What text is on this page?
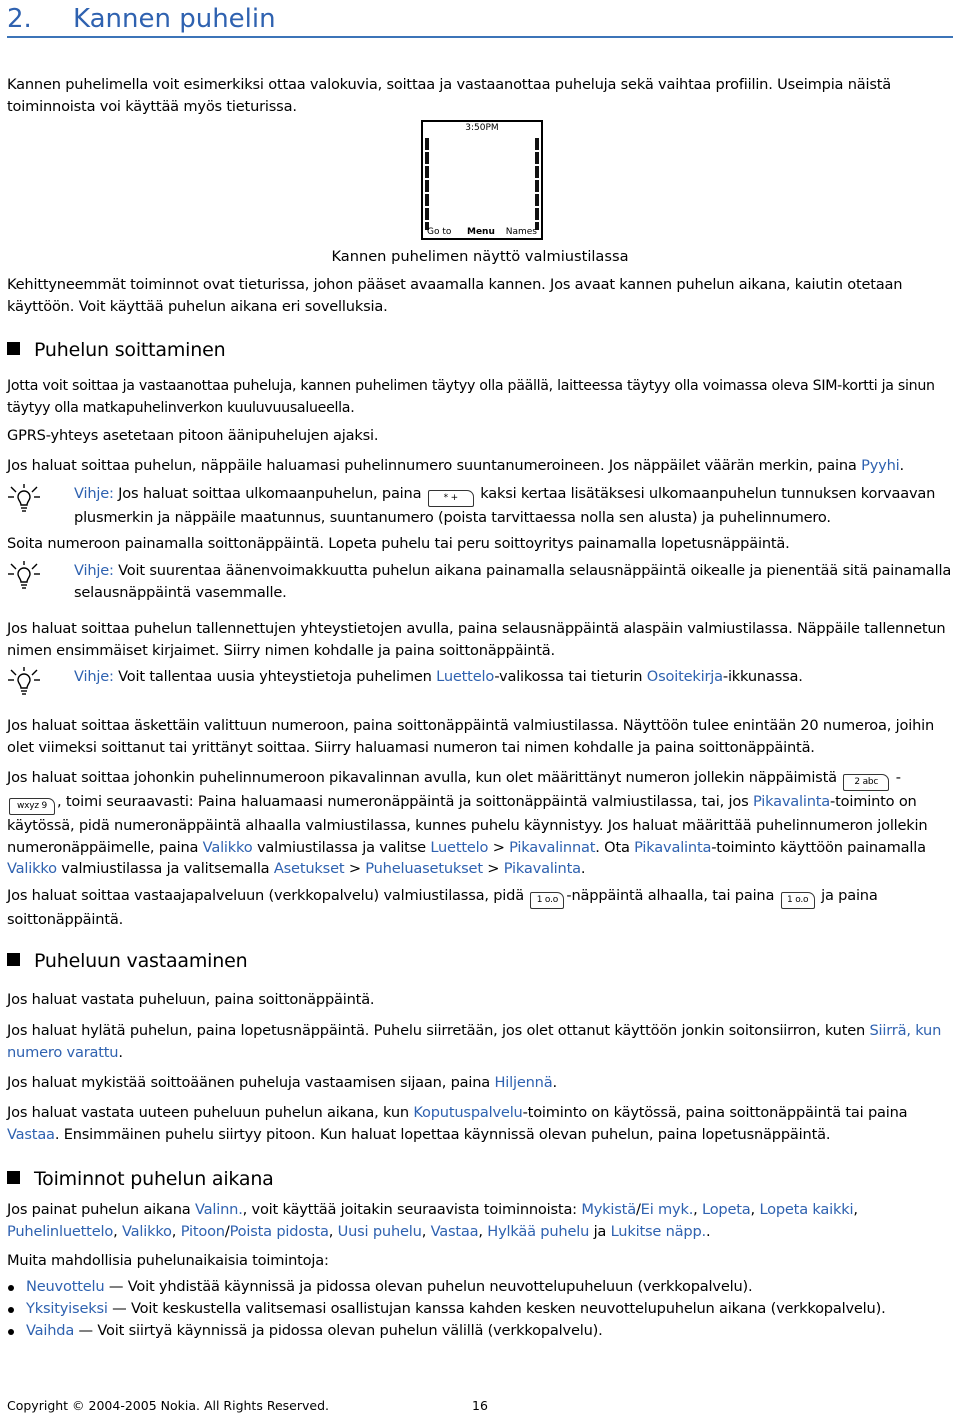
2. Kannen puhelin
Kannen puhelimella voit esimerkiksi ottaa valokuvia, soittaa ja vastaanottaa puheluja sekä vaihtaa profiilin. Useimpia näistä toiminnoista voi käyttää myös tieturissa.
3:50PM
Go to Menu Names
Kannen puhelimen näyttö valmiustilassa
Kehittyneemmät toiminnot ovat tieturissa, johon pääset avaamalla kannen. Jos avaat kannen puhelun aikana, kaiutin otetaan käyttöön. Voit käyttää puhelun aikana eri sovelluksia.
Puhelun soittaminen
Jotta voit soittaa ja vastaanottaa puheluja, kannen puhelimen täytyy olla päällä, laitteessa täytyy olla voimassa oleva SIM-kortti ja sinun täytyy olla matkapuhelinverkon kuuluvuusalueella.
GPRS-yhteys asetetaan pitoon äänipuhelujen ajaksi.
Jos haluat soittaa puhelun, näppäile haluamasi puhelinnumero suuntanumeroineen. Jos näppäilet väärän merkin, paina Pyyhi.
Vihje: Jos haluat soittaa ulkomaanpuhelun, paina * + kaksi kertaa lisätäksesi ulkomaanpuhelun tunnuksen korvaavan plusmerkin ja näppäile maatunnus, suuntanumero (poista tarvittaessa nolla sen alusta) ja puhelinnumero.
Soita numeroon painamalla soittonäppäintä. Lopeta puhelu tai peru soittoyritys painamalla lopetusnäppäintä.
Vihje: Voit suurentaa äänenvoimakkuutta puhelun aikana painamalla selausnäppäintä oikealle ja pienentää sitä painamalla selausnäppäintä vasemmalle.
Jos haluat soittaa puhelun tallennettujen yhteystietojen avulla, paina selausnäppäintä alaspäin valmiustilassa. Näppäile tallennetun nimen ensimmäiset kirjaimet. Siirry nimen kohdalle ja paina soittonäppäintä.
Vihje: Voit tallentaa uusia yhteystietoja puhelimen Luettelo-valikossa tai tieturin Osoitekirja-ikkunassa.
Jos haluat soittaa äskettäin valittuun numeroon, paina soittonäppäintä valmiustilassa. Näyttöön tulee enintään 20 numeroa, joihin olet viimeksi soittanut tai yrittänyt soittaa. Siirry haluamasi numeron tai nimen kohdalle ja paina soittonäppäintä.
Jos haluat soittaa johonkin puhelinnumeroon pikavalinnan avulla, kun olet määrittänyt numeron jollekin näppäimistä 2 abc - wxyz 9 , toimi seuraavasti: Paina haluamaasi numeronäppäintä ja soittonäppäintä valmiustilassa, tai, jos Pikavalinta-toiminto on käytössä, pidä numeronäppäintä alhaalla valmiustilassa, kunnes puhelu käynnistyy. Jos haluat määrittää puhelinnumeron jollekin numeronäppäimelle, paina Valikko valmiustilassa ja valitse Luettelo > Pikavalinnat. Ota Pikavalinta-toiminto käyttöön painamalla Valikko valmiustilassa ja valitsemalla Asetukset > Puheluasetukset > Pikavalinta.
Jos haluat soittaa vastaajapalveluun (verkkopalvelu) valmiustilassa, pidä 1 o.o -näppäintä alhaalla, tai paina 1 o.o ja paina soittonäppäintä.
Puheluun vastaaminen
Jos haluat vastata puheluun, paina soittonäppäintä.
Jos haluat hylätä puhelun, paina lopetusnäppäintä. Puhelu siirretään, jos olet ottanut käyttöön jonkin soitonsiirron, kuten Siirrä, kun numero varattu.
Jos haluat mykistää soittoäänen puheluja vastaamisen sijaan, paina Hiljennä.
Jos haluat vastata uuteen puheluun puhelun aikana, kun Koputuspalvelu-toiminto on käytössä, paina soittonäppäintä tai paina Vastaa. Ensimmäinen puhelu siirtyy pitoon. Kun haluat lopettaa käynnissä olevan puhelun, paina lopetusnäppäintä.
Toiminnot puhelun aikana
Jos painat puhelun aikana Valinn., voit käyttää joitakin seuraavista toiminnoista: Mykistä/Ei myk., Lopeta, Lopeta kaikki, Puhelinluettelo, Valikko, Pitoon/Poista pidosta, Uusi puhelu, Vastaa, Hylkää puhelu ja Lukitse näpp..
Muita mahdollisia puhelunaikaisia toimintoja:
Neuvottelu — Voit yhdistää käynnissä ja pidossa olevan puhelun neuvottelupuheluun (verkkopalvelu).
Yksityiseksi — Voit keskustella valitsemasi osallistujan kanssa kahden kesken neuvottelupuhelun aikana (verkkopalvelu).
Vaihda — Voit siirtyä käynnissä ja pidossa olevan puhelun välillä (verkkopalvelu).
Copyright © 2004-2005 Nokia. All Rights Reserved.	16
